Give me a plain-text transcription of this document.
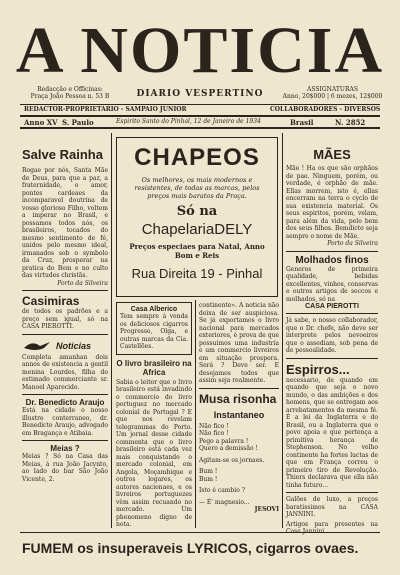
A NOTICIA
Redacção e Officinas:
Praça João Pessoa n. 53 B	DIARIO VESPERTINO	ASSIGNATURAS
Anno, 20$000 | 6 mezes, 12$000
REDACTOR-PROPRIETARIO - SAMPAIO JUNIOR	COLLABORADORES - DIVERSOS
Anno XV S. Paulo	Espirito Santo do Pinhal, 12 de Janeiro de 1934	Brasil	N. 2852
Salve Rainha

Rogae por nós, Santa Mãe de Deus, para que a paz, a fraternidade, o amor, pontes cardeaes da incomparavel doutrina de vosso glorioso Filho, voltem a imperar no Brasil, e possamos todos nós, os brasileiros, tocados do mesmo sentimento de fé, unidos pelo mesmo ideal, irmanados sob o symbolo da Cruz, prosperar na pratica do Bem e no culto das virtudes christãs.

Porto da Silveira

Casimiras

de todos os padrões e a preço sem igual, só na CASA PIEROTTI.

Noticias

Completa amanhan dois annos de existencia a gentil menina Lourdes, filha do estimado commerciante sr. Manoel Aparecido.

Dr. Benedicto Araujo

Está na cidade o nosso illustre conterraneo, dr. Benedicto Araujo, advogado em Bragança e Atibaia.

Meias ?

Meias ? Só na Casa das Meias, á rua João Jacynto, ao lado do bar São João Vicente, 2.

CHAPEOS

Os melhores, os mais modernos e resistentes, de todas as marcas, pelos preços mais baratos da Praça.

Só na
ChapelariaDELY
Preços especiaes para Natal, Anno Bom e Reis
Rua Direita 19 - Pinhal
Casa Alberico

Tem sempre á venda os deliciosos cigarros Progresso, Olga, e outras marcas da Cia. Castellões.

O livro brasileiro na Africa

Sabia o leitor que o livro brasileiro está invadindo o commercio do livro portuguez no mercado colonial de Portugal ? E que nos revelam telegrammas do Porto. Um jornal desse cidade commenta que o livro brasileiro está cada vez mais conquistando o mercado colonial, em Angola, Moçambique e outros logares, os autores nacionaes, e os livreiros portuguezes vêm assim recuando no mercado. Um phenomeno digno de nota.

continente». A noticia não deixa de ser auspiciosa. Se já exportamos o livro nacional para mercados exteriores, é prova de que possuimos uma industria e um commercio livreiros em situação prospera. Será ? Deve ser. E desejamos todos que assim seja realmente.

Musa risonha
Instantaneo
Não fico !
Não fico !
Pego a palavra !
Quero a demissão !
Agitam-se os jornaes.
Bum !
Bum !
Isto é cambio ?
— É' magnesio...
JESOVI
MÃES

Mãe ! Ha os que são orphãos de pae. Ninguem, porém, ou verdade, é orphão de mãe. Ellas morrem, isto é, ellas encerram na terra o cyclo de sua existencia material. Os seus espiritos, porém, velam, para além da vida, pelo bem dos seus filhos. Bemdicto seja sempre o nome de Mãe.

Porto da Silveira

Molhados finos

Generos de primeira qualidade, bebidas excellentes, vinhos, conservas e outros artigos de seccos e molhados, só na

CASA PIEROTTI

Já sabe, o nosso collaborador, que o Dr. chefe, não deve ser interprete pelos nevoeiros que o assediam, sob pena de de pessoalidade.

Espirros...

necessario, de quando em quando que seja o novo mundo, o das ambições e dos homens, que se entregam aos arrebatamentos da mesma fé. É a lei da Inglaterra e do Brasil, ou a Inglaterra que o povo apoia e que pertença a primitiva herança de Stephenson. No velho continente ha fortes luctas de que em França correu o primeiro tiro de Revolução. Thiers declarava que ella não tinha futuro...

Galões de luxo, a preços baratissimos na CASA JANNINI.

Artigos para presentes na

FUMEM os insuperaveis LYRICOS, cigarros ovaes.
